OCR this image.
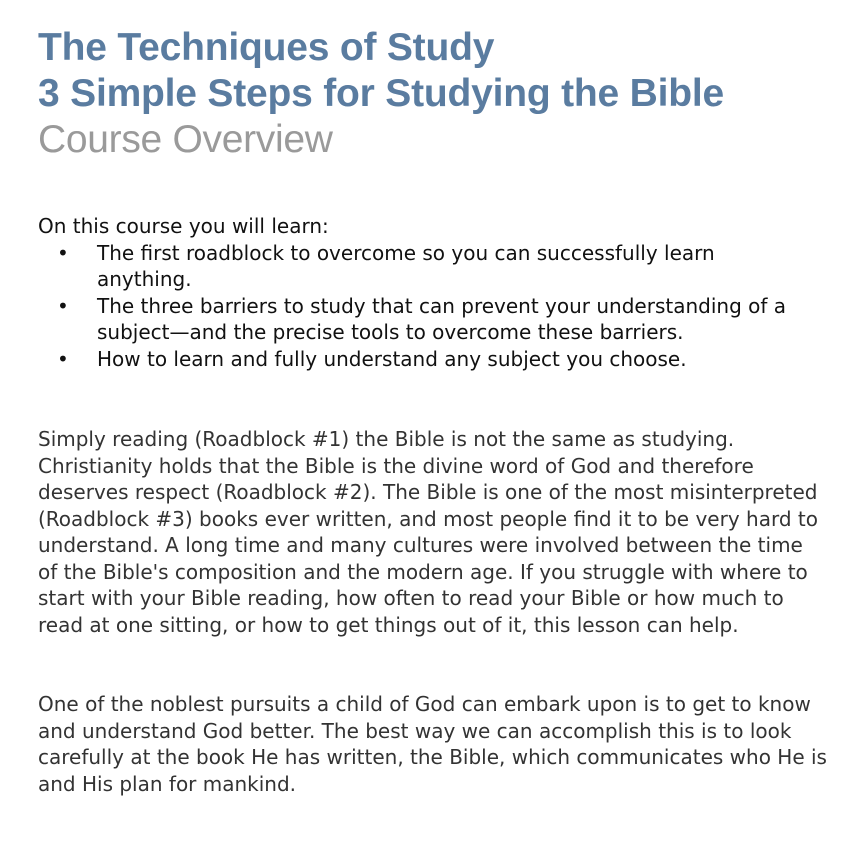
The Techniques of Study
3 Simple Steps for Studying the Bible
Course Overview

On this course you will learn:

• The first roadblock to overcome so you can successfully learn anything.
• The three barriers to study that can prevent your understanding of a subject—and the precise tools to overcome these barriers.
• How to learn and fully understand any subject you choose.

Simply reading (Roadblock #1) the Bible is not the same as studying. Christianity holds that the Bible is the divine word of God and therefore deserves respect (Roadblock #2). The Bible is one of the most misinterpreted (Roadblock #3) books ever written, and most people find it to be very hard to understand. A long time and many cultures were involved between the time of the Bible's composition and the modern age. If you struggle with where to start with your Bible reading, how often to read your Bible or how much to read at one sitting, or how to get things out of it, this lesson can help.

One of the noblest pursuits a child of God can embark upon is to get to know and understand God better. The best way we can accomplish this is to look carefully at the book He has written, the Bible, which communicates who He is and His plan for mankind.
